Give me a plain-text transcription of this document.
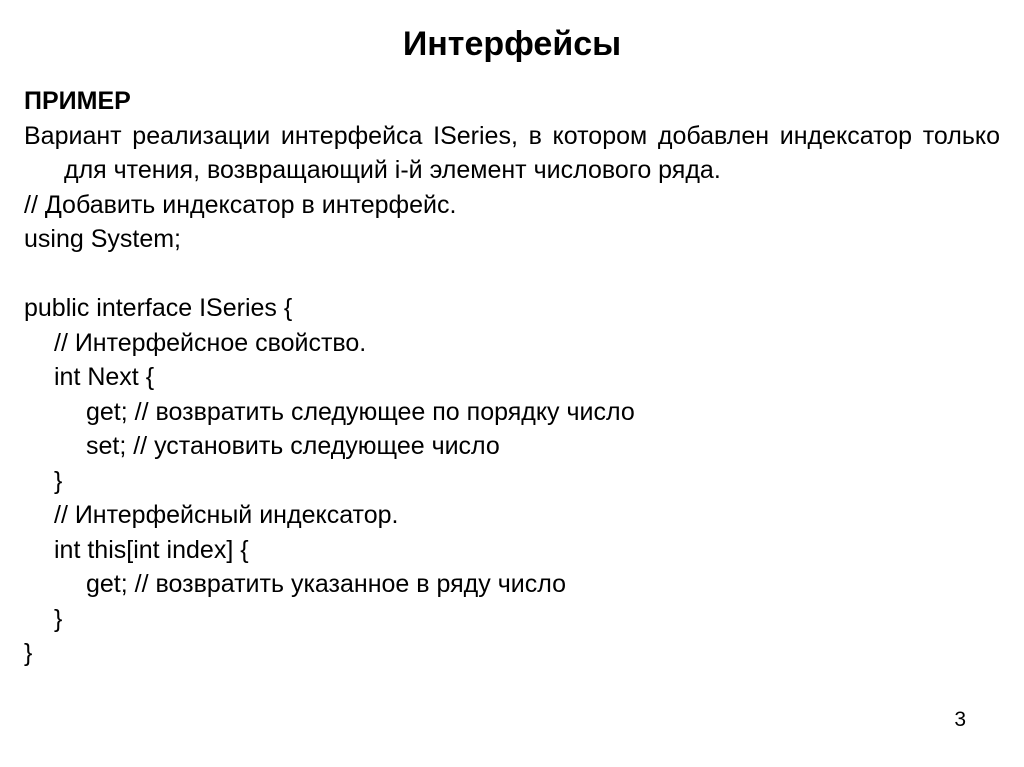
Интерфейсы
ПРИМЕР
Вариант реализации интерфейса ISeries, в котором добавлен индексатор только для чтения, возвращающий i-й элемент числового ряда.
// Добавить индексатор в интерфейс.
using System;
public interface ISeries {
// Интерфейсное свойство.
int Next {
get; // возвратить следующее по порядку число
set; // установить следующее число
}
// Интерфейсный индексатор.
int this[int index] {
get; // возвратить указанное в ряду число
}
}
3
